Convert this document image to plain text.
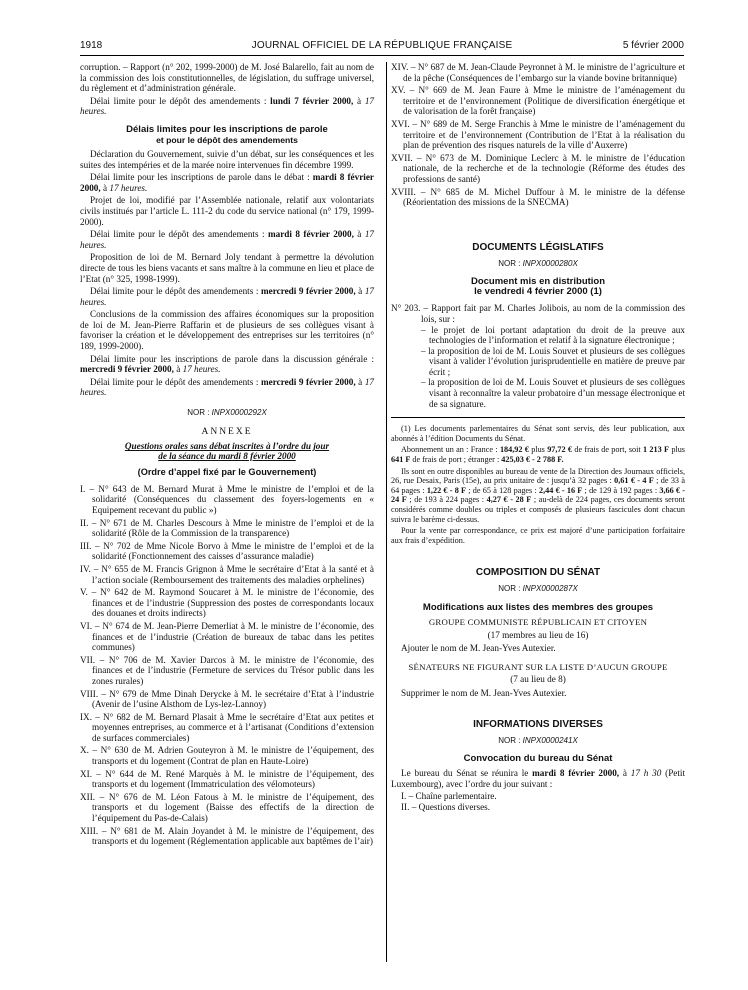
1918	JOURNAL OFFICIEL DE LA RÉPUBLIQUE FRANÇAISE	5 février 2000

corruption. – Rapport (n° 202, 1999-2000) de M. José Balarello, fait au nom de la commission des lois constitutionnelles, de législation, du suffrage universel, du règlement et d’administration générale.

Délai limite pour le dépôt des amendements : lundi 7 février 2000, à 17 heures.

Délais limites pour les inscriptions de parole
et pour le dépôt des amendements

Déclaration du Gouvernement, suivie d’un débat, sur les conséquences et les suites des intempéries et de la marée noire intervenues fin décembre 1999.

Délai limite pour les inscriptions de parole dans le débat : mardi 8 février 2000, à 17 heures.

Projet de loi, modifié par l’Assemblée nationale, relatif aux volontariats civils institués par l’article L. 111-2 du code du service national (n° 179, 1999-2000).

Délai limite pour le dépôt des amendements : mardi 8 février 2000, à 17 heures.

Proposition de loi de M. Bernard Joly tendant à permettre la dévolution directe de tous les biens vacants et sans maître à la commune en lieu et place de l’Etat (n° 325, 1998-1999).

Délai limite pour le dépôt des amendements : mercredi 9 février 2000, à 17 heures.

Conclusions de la commission des affaires économiques sur la proposition de loi de M. Jean-Pierre Raffarin et de plusieurs de ses collègues visant à favoriser la création et le développement des entreprises sur les territoires (n° 189, 1999-2000).

Délai limite pour les inscriptions de parole dans la discussion générale : mercredi 9 février 2000, à 17 heures.

Délai limite pour le dépôt des amendements : mercredi 9 février 2000, à 17 heures.

NOR : INPX0000292X
ANNEXE
Questions orales sans débat inscrites à l’ordre du jour
de la séance du mardi 8 février 2000
(Ordre d’appel fixé par le Gouvernement)

I. – N° 643 de M. Bernard Murat à Mme le ministre de l’emploi et de la solidarité (Conséquences du classement des foyers-logements en « Equipement recevant du public »)

II. – N° 671 de M. Charles Descours à Mme le ministre de l’emploi et de la solidarité (Rôle de la Commission de la transparence)

III. – N° 702 de Mme Nicole Borvo à Mme le ministre de l’emploi et de la solidarité (Fonctionnement des caisses d’assurance maladie)

IV. – N° 655 de M. Francis Grignon à Mme le secrétaire d’Etat à la santé et à l’action sociale (Remboursement des traitements des maladies orphelines)

V. – N° 642 de M. Raymond Soucaret à M. le ministre de l’économie, des finances et de l’industrie (Suppression des postes de correspondants locaux des douanes et droits indirects)

VI. – N° 674 de M. Jean-Pierre Demerliat à M. le ministre de l’économie, des finances et de l’industrie (Création de bureaux de tabac dans les petites communes)

VII. – N° 706 de M. Xavier Darcos à M. le ministre de l’économie, des finances et de l’industrie (Fermeture de services du Trésor public dans les zones rurales)

VIII. – N° 679 de Mme Dinah Derycke à M. le secrétaire d’Etat à l’industrie (Avenir de l’usine Alsthom de Lys-lez-Lannoy)

IX. – N° 682 de M. Bernard Plasait à Mme le secrétaire d’Etat aux petites et moyennes entreprises, au commerce et à l’artisanat (Conditions d’extension de surfaces commerciales)

X. – N° 630 de M. Adrien Gouteyron à M. le ministre de l’équipement, des transports et du logement (Contrat de plan en Haute-Loire)

XI. – N° 644 de M. René Marquès à M. le ministre de l’équipement, des transports et du logement (Immatriculation des vélomoteurs)

XII. – N° 676 de M. Léon Fatous à M. le ministre de l’équipement, des transports et du logement (Baisse des effectifs de la direction de l’équipement du Pas-de-Calais)

XIII. – N° 681 de M. Alain Joyandet à M. le ministre de l’équipement, des transports et du logement (Réglementation applicable aux baptêmes de l’air)

XIV. – N° 687 de M. Jean-Claude Peyronnet à M. le ministre de l’agriculture et de la pêche (Conséquences de l’embargo sur la viande bovine britannique)

XV. – N° 669 de M. Jean Faure à Mme le ministre de l’aménagement du territoire et de l’environnement (Politique de diversification énergétique et de valorisation de la forêt française)

XVI. – N° 689 de M. Serge Franchis à Mme le ministre de l’aménagement du territoire et de l’environnement (Contribution de l’Etat à la réalisation du plan de prévention des risques naturels de la ville d’Auxerre)

XVII. – N° 673 de M. Dominique Leclerc à M. le ministre de l’éducation nationale, de la recherche et de la technologie (Réforme des études des professions de santé)

XVIII. – N° 685 de M. Michel Duffour à M. le ministre de la défense (Réorientation des missions de la SNECMA)

DOCUMENTS LÉGISLATIFS
NOR : INPX0000280X
Document mis en distribution
le vendredi 4 février 2000 (1)

N° 203. – Rapport fait par M. Charles Jolibois, au nom de la commission des lois, sur :

– le projet de loi portant adaptation du droit de la preuve aux technologies de l’information et relatif à la signature électronique ;

– la proposition de loi de M. Louis Souvet et plusieurs de ses collègues visant à valider l’évolution jurisprudentielle en matière de preuve par écrit ;

– la proposition de loi de M. Louis Souvet et plusieurs de ses collègues visant à reconnaître la valeur probatoire d’un message électronique et de sa signature.

(1) Les documents parlementaires du Sénat sont servis, dès leur publication, aux abonnés à l’édition Documents du Sénat.

Abonnement un an : France : 184,92 € plus 97,72 € de frais de port, soit 1 213 F plus 641 F de frais de port ; étranger : 425,03 € - 2 788 F.

Ils sont en outre disponibles au bureau de vente de la Direction des Journaux officiels, 26, rue Desaix, Paris (15e), au prix unitaire de : jusqu’à 32 pages : 0,61 € - 4 F ; de 33 à 64 pages : 1,22 € - 8 F ; de 65 à 128 pages : 2,44 € - 16 F ; de 129 à 192 pages : 3,66 € - 24 F ; de 193 à 224 pages : 4,27 € - 28 F ; au-delà de 224 pages, ces documents seront considérés comme doubles ou triples et composés de plusieurs fascicules dont chacun suivra le barème ci-dessus.

Pour la vente par correspondance, ce prix est majoré d’une participation forfaitaire aux frais d’expédition.

COMPOSITION DU SÉNAT
NOR : INPX0000287X
Modifications aux listes des membres des groupes
GROUPE COMMUNISTE RÉPUBLICAIN ET CITOYEN
(17 membres au lieu de 16)

Ajouter le nom de M. Jean-Yves Autexier.

SÉNATEURS NE FIGURANT SUR LA LISTE D’AUCUN GROUPE
(7 au lieu de 8)

Supprimer le nom de M. Jean-Yves Autexier.

INFORMATIONS DIVERSES
NOR : INPX0000241X
Convocation du bureau du Sénat

Le bureau du Sénat se réunira le mardi 8 février 2000, à 17 h 30 (Petit Luxembourg), avec l’ordre du jour suivant :

I. – Chaîne parlementaire.

II. – Questions diverses.
